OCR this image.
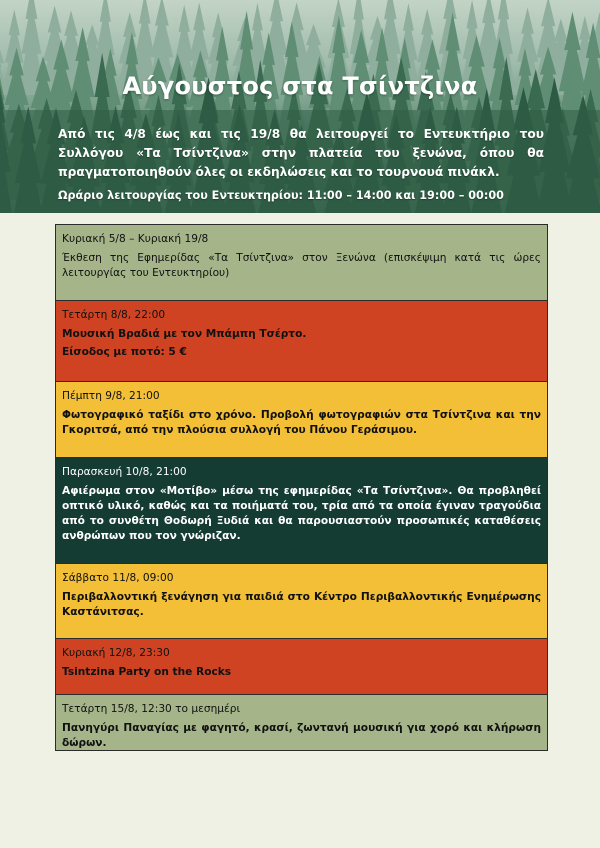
Αύγουστος στα Τσίντζινα
Από τις 4/8 έως και τις 19/8 θα λειτουργεί το Εντευκτήριο του Συλλόγου «Τα Τσίντζινα» στην πλατεία του ξενώνα, όπου θα πραγματοποιηθούν όλες οι εκδηλώσεις και το τουρνουά πινάκλ.
Ωράριο λειτουργίας του Εντευκτηρίου: 11:00 – 14:00 και 19:00 – 00:00
Κυριακή 5/8 – Κυριακή 19/8
Έκθεση της Εφημερίδας «Τα Τσίντζινα» στον Ξενώνα (επισκέψιμη κατά τις ώρες λειτουργίας του Εντευκτηρίου)
Τετάρτη 8/8, 22:00
Μουσική Βραδιά με τον Μπάμπη Τσέρτο.
Είσοδος με ποτό: 5 €
Πέμπτη 9/8, 21:00
Φωτογραφικό ταξίδι στο χρόνο. Προβολή φωτογραφιών στα Τσίντζινα και την Γκοριτσά, από την πλούσια συλλογή του Πάνου Γεράσιμου.
Παρασκευή 10/8, 21:00
Αφιέρωμα στον «Μοτίβο» μέσω της εφημερίδας «Τα Τσίντζινα». Θα προβληθεί οπτικό υλικό, καθώς και τα ποιήματά του, τρία από τα οποία έγιναν τραγούδια από το συνθέτη Θοδωρή Ξυδιά και θα παρουσιαστούν προσωπικές καταθέσεις ανθρώπων που τον γνώριζαν.
Σάββατο 11/8, 09:00
Περιβαλλοντική ξενάγηση για παιδιά στο Κέντρο Περιβαλλοντικής Ενημέρωσης Καστάνιτσας.
Κυριακή 12/8, 23:30
Tsintzina Party on the Rocks
Τετάρτη 15/8, 12:30 το μεσημέρι
Πανηγύρι Παναγίας με φαγητό, κρασί, ζωντανή μουσική για χορό και κλήρωση δώρων.
